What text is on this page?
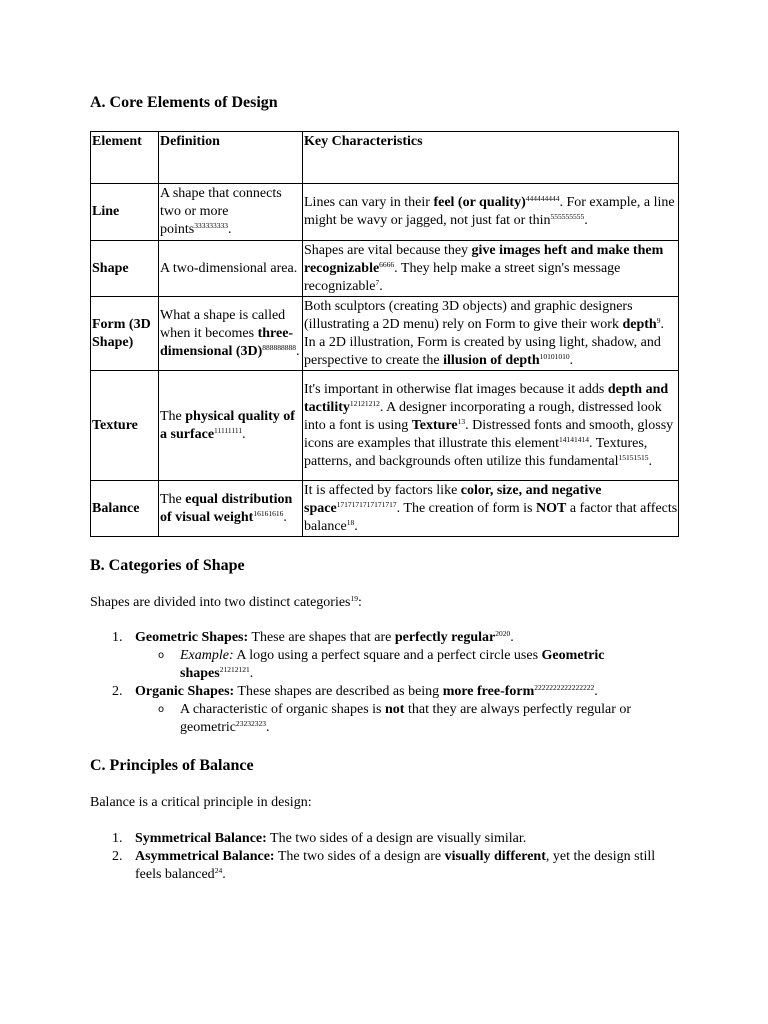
A. Core Elements of Design
Element	Definition	Key Characteristics
Line	A shape that connects two or more points$^{333333333}$.	Lines can vary in their feel (or quality)$^{444444444}$. For example, a line might be wavy or jagged, not just fat or thin$^{555555555}$.
Shape	A two-dimensional area.	Shapes are vital because they give images heft and make them recognizable$^{6666}$. They help make a street sign's message recognizable$^7$.
Form (3D Shape)	What a shape is called when it becomes three-dimensional $(3D)^{888888888}$.	Both sculptors (creating 3D objects) and graphic designers (illustrating a 2D menu) rely on Form to give their work depth$^9$. In a 2D illustration, Form is created by using light, shadow, and perspective to create the illusion of depth$^{10101010}$.
Texture	The physical quality of a surface$^{11111111}$.	It's important in otherwise flat images because it adds depth and tactility$^{12121212}$. A designer incorporating a rough, distressed look into a font is using Texture$^{13}$. Distressed fonts and smooth, glossy icons are examples that illustrate this element$^{14141414}$. Textures, patterns, and backgrounds often utilize this fundamental$^{15151515}$.
Balance	The equal distribution of visual weight$^{16161616}$.	It is affected by factors like color, size, and negative space$^{1717171717171717}$. The creation of form is NOT a factor that affects balance$^{18}$.
B. Categories of Shape

Shapes are divided into two distinct categories$^{19}$:

1. Geometric Shapes: These are shapes that are perfectly regular$^{2020}$.
o Example: A logo using a perfect square and a perfect circle uses Geometric shapes$^{21212121}$.
2. Organic Shapes: These shapes are described as being more free-form$^{2222222222222222}$.
o A characteristic of organic shapes is not that they are always perfectly regular or geometric$^{23232323}$.
C. Principles of Balance

Balance is a critical principle in design:

1. Symmetrical Balance: The two sides of a design are visually similar.
2. Asymmetrical Balance: The two sides of a design are visually different, yet the design still feels balanced$^{24}$.
